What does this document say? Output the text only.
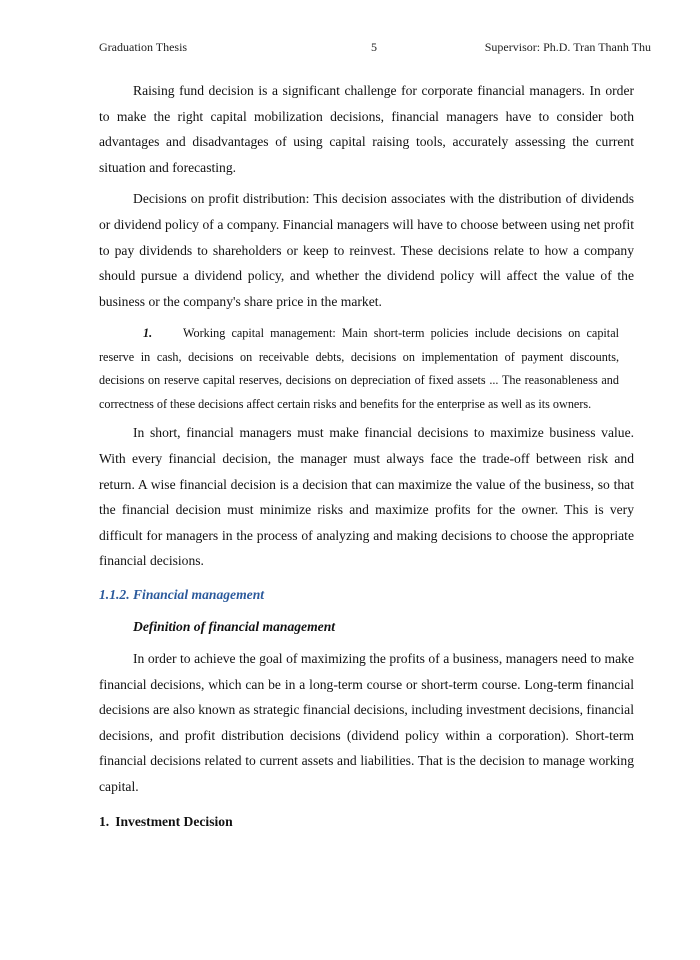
Graduation Thesis	5	Supervisor: Ph.D. Tran Thanh Thu

Raising fund decision is a significant challenge for corporate financial managers. In order to make the right capital mobilization decisions, financial managers have to consider both advantages and disadvantages of using capital raising tools, accurately assessing the current situation and forecasting.

Decisions on profit distribution: This decision associates with the distribution of dividends or dividend policy of a company. Financial managers will have to choose between using net profit to pay dividends to shareholders or keep to reinvest. These decisions relate to how a company should pursue a dividend policy, and whether the dividend policy will affect the value of the business or the company's share price in the market.

1.	Working capital management: Main short-term policies include decisions on capital reserve in cash, decisions on receivable debts, decisions on implementation of payment discounts, decisions on reserve capital reserves, decisions on depreciation of fixed assets ... The reasonableness and correctness of these decisions affect certain risks and benefits for the enterprise as well as its owners.

In short, financial managers must make financial decisions to maximize business value. With every financial decision, the manager must always face the trade-off between risk and return. A wise financial decision is a decision that can maximize the value of the business, so that the financial decision must minimize risks and maximize profits for the owner. This is very difficult for managers in the process of analyzing and making decisions to choose the appropriate financial decisions.

1.1.2. Financial management

Definition of financial management

In order to achieve the goal of maximizing the profits of a business, managers need to make financial decisions, which can be in a long-term course or short-term course. Long-term financial decisions are also known as strategic financial decisions, including investment decisions, financial decisions, and profit distribution decisions (dividend policy within a corporation). Short-term financial decisions related to current assets and liabilities. That is the decision to manage working capital.

1. Investment Decision
